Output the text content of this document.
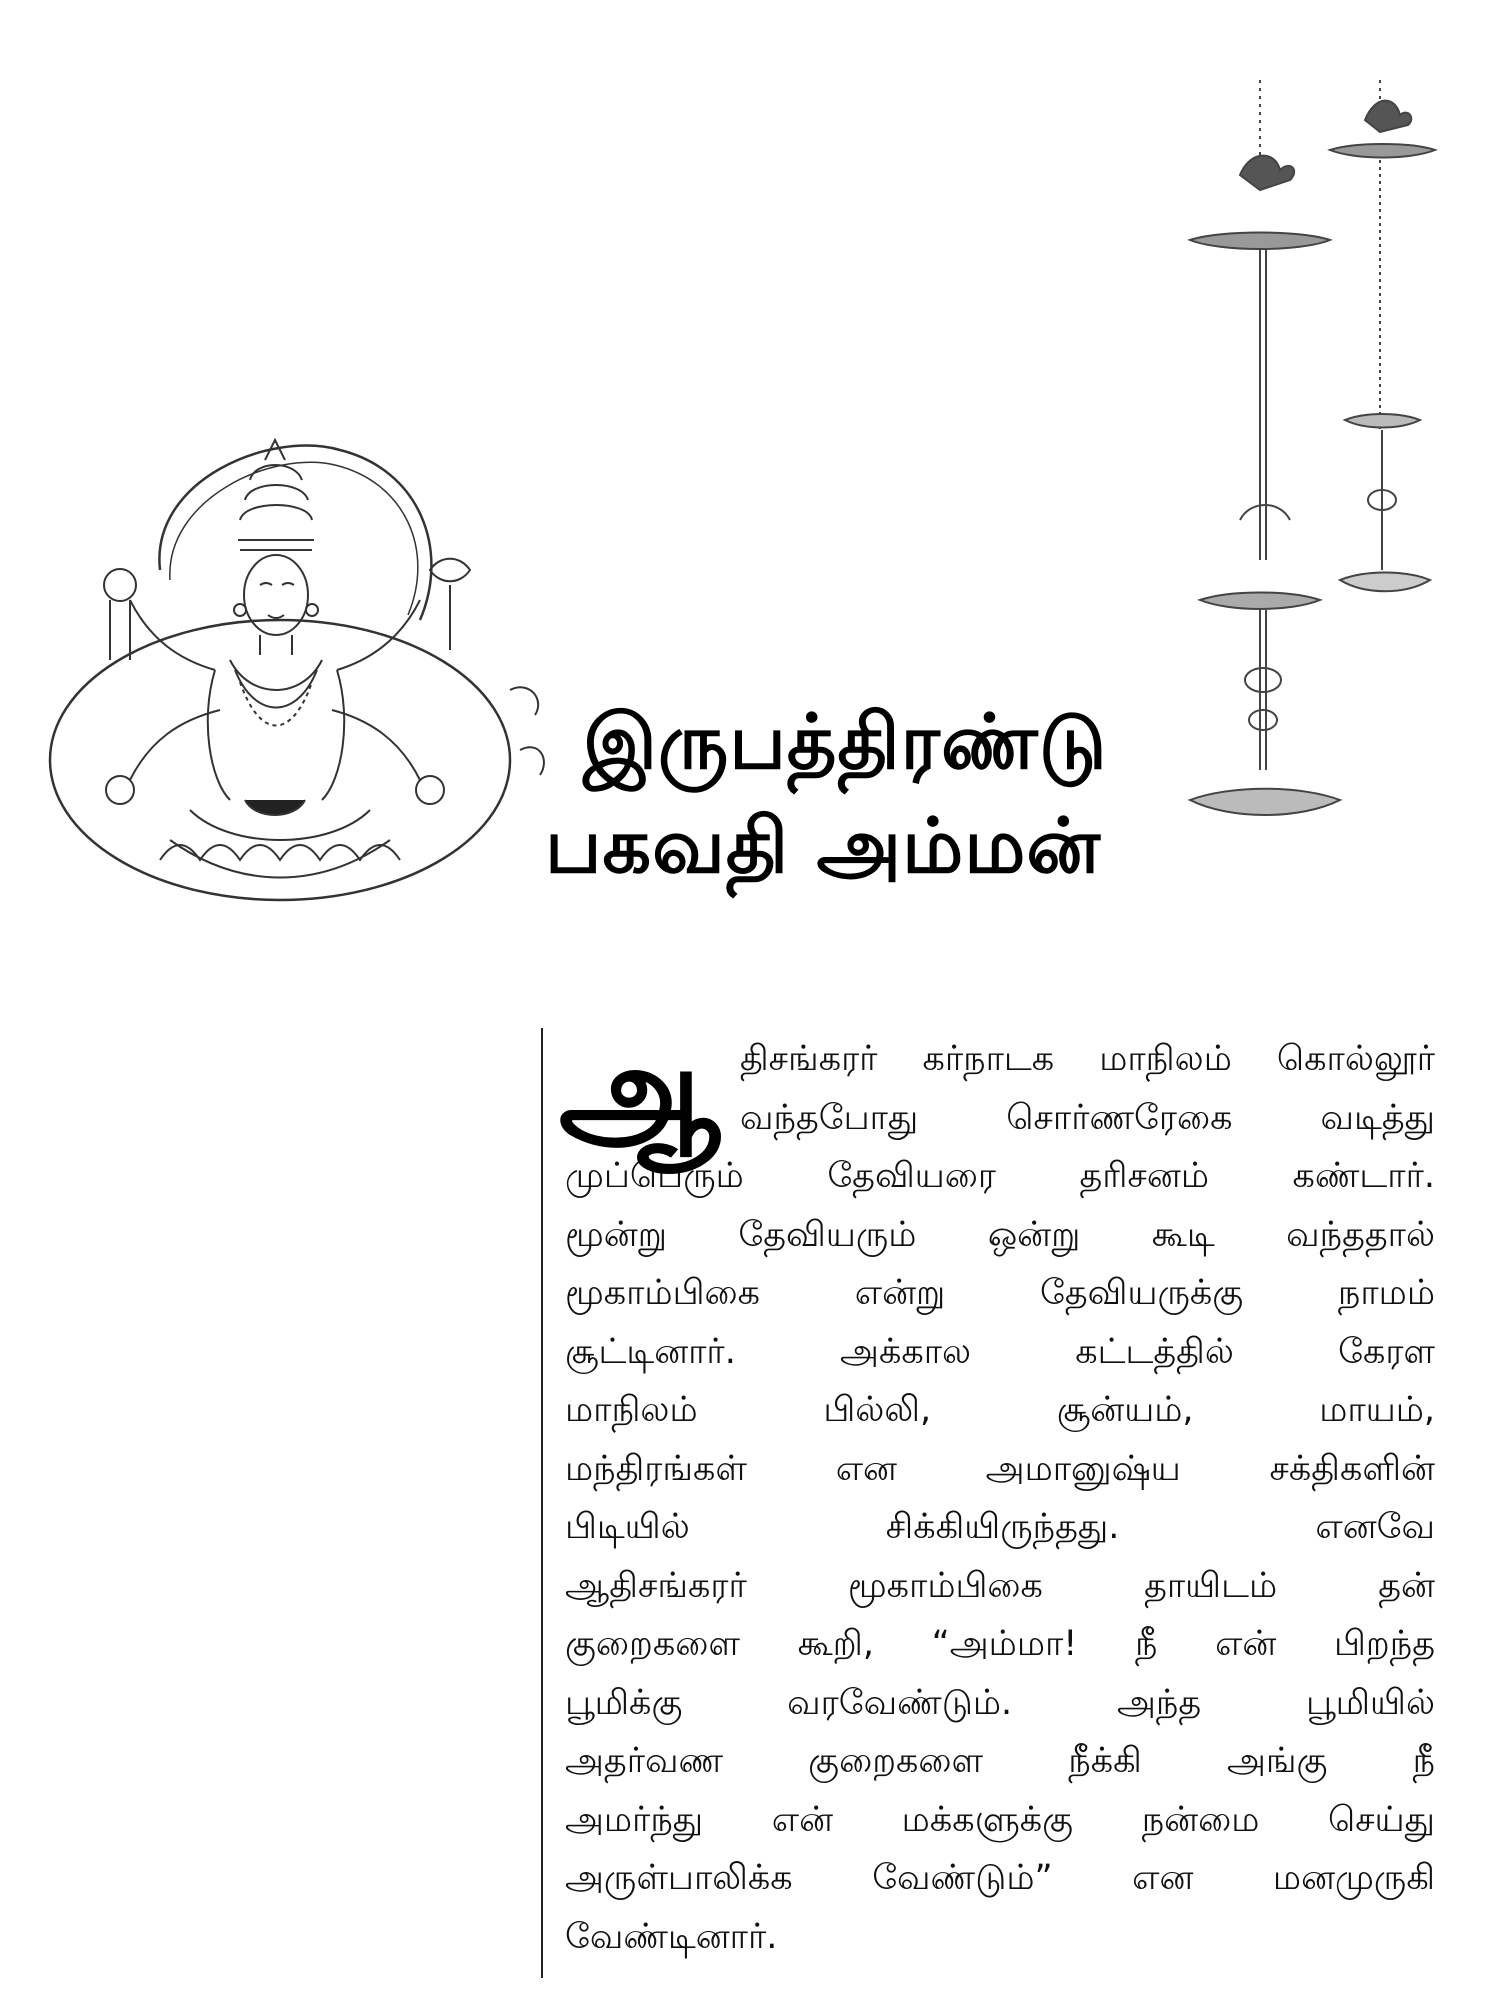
இருபத்திரண்டு
பகவதி அம்மன்
ஆ திசங்கரர் கர்நாடக மாநிலம் கொல்லூர்
வந்தபோது சொர்ணரேகை வடித்து
முப்பெரும் தேவியரை தரிசனம் கண்டார்.
மூன்று தேவியரும் ஒன்று கூடி வந்ததால்
மூகாம்பிகை என்று தேவியருக்கு நாமம்
சூட்டினார். அக்கால கட்டத்தில் கேரள
மாநிலம் பில்லி, சூன்யம், மாயம்,
மந்திரங்கள் என அமானுஷ்ய சக்திகளின்
பிடியில் சிக்கியிருந்தது. எனவே
ஆதிசங்கரர் மூகாம்பிகை தாயிடம் தன்
குறைகளை கூறி, “அம்மா! நீ என் பிறந்த
பூமிக்கு வரவேண்டும். அந்த பூமியில்
அதர்வண குறைகளை நீக்கி அங்கு நீ
அமர்ந்து என் மக்களுக்கு நன்மை செய்து
அருள்பாலிக்க வேண்டும்” என மனமுருகி
வேண்டினார்.
